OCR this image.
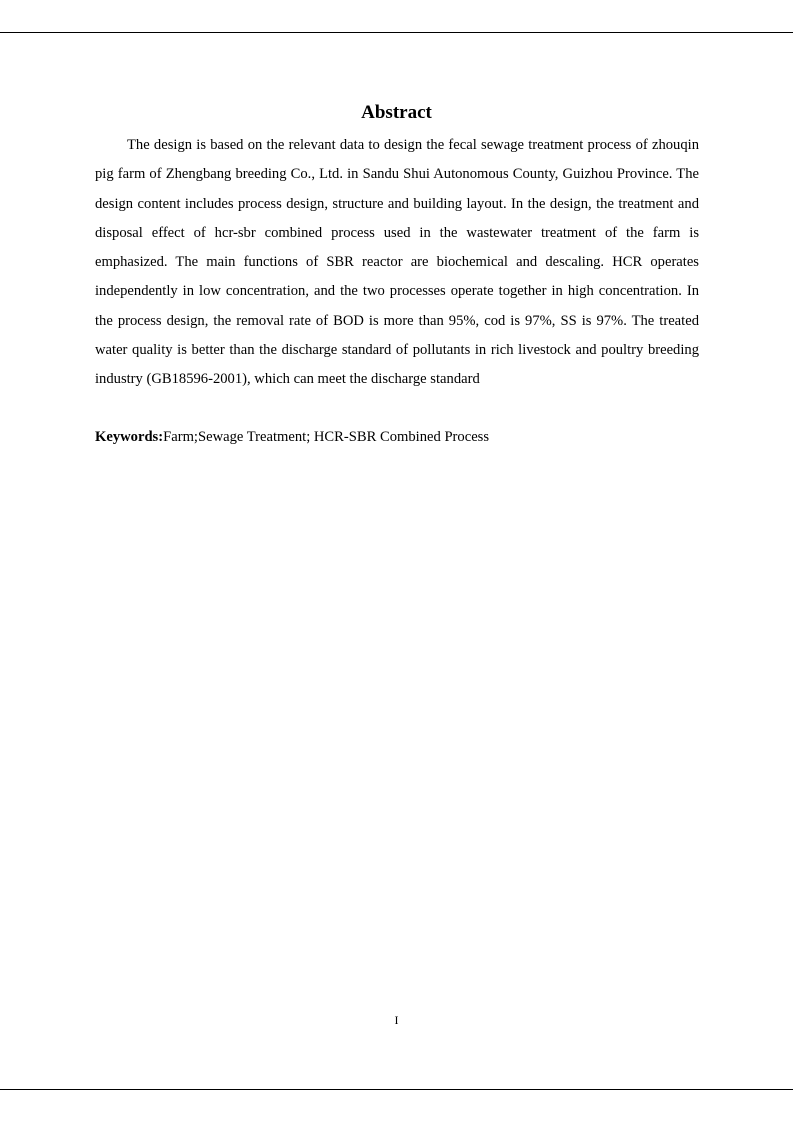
Abstract

The design is based on the relevant data to design the fecal sewage treatment process of zhouqin pig farm of Zhengbang breeding Co., Ltd. in Sandu Shui Autonomous County, Guizhou Province. The design content includes process design, structure and building layout. In the design, the treatment and disposal effect of hcr-sbr combined process used in the wastewater treatment of the farm is emphasized. The main functions of SBR reactor are biochemical and descaling. HCR operates independently in low concentration, and the two processes operate together in high concentration. In the process design, the removal rate of BOD is more than 95%, cod is 97%, SS is 97%. The treated water quality is better than the discharge standard of pollutants in rich livestock and poultry breeding industry (GB18596-2001), which can meet the discharge standard

Keywords:Farm;Sewage Treatment; HCR-SBR Combined Process

I
